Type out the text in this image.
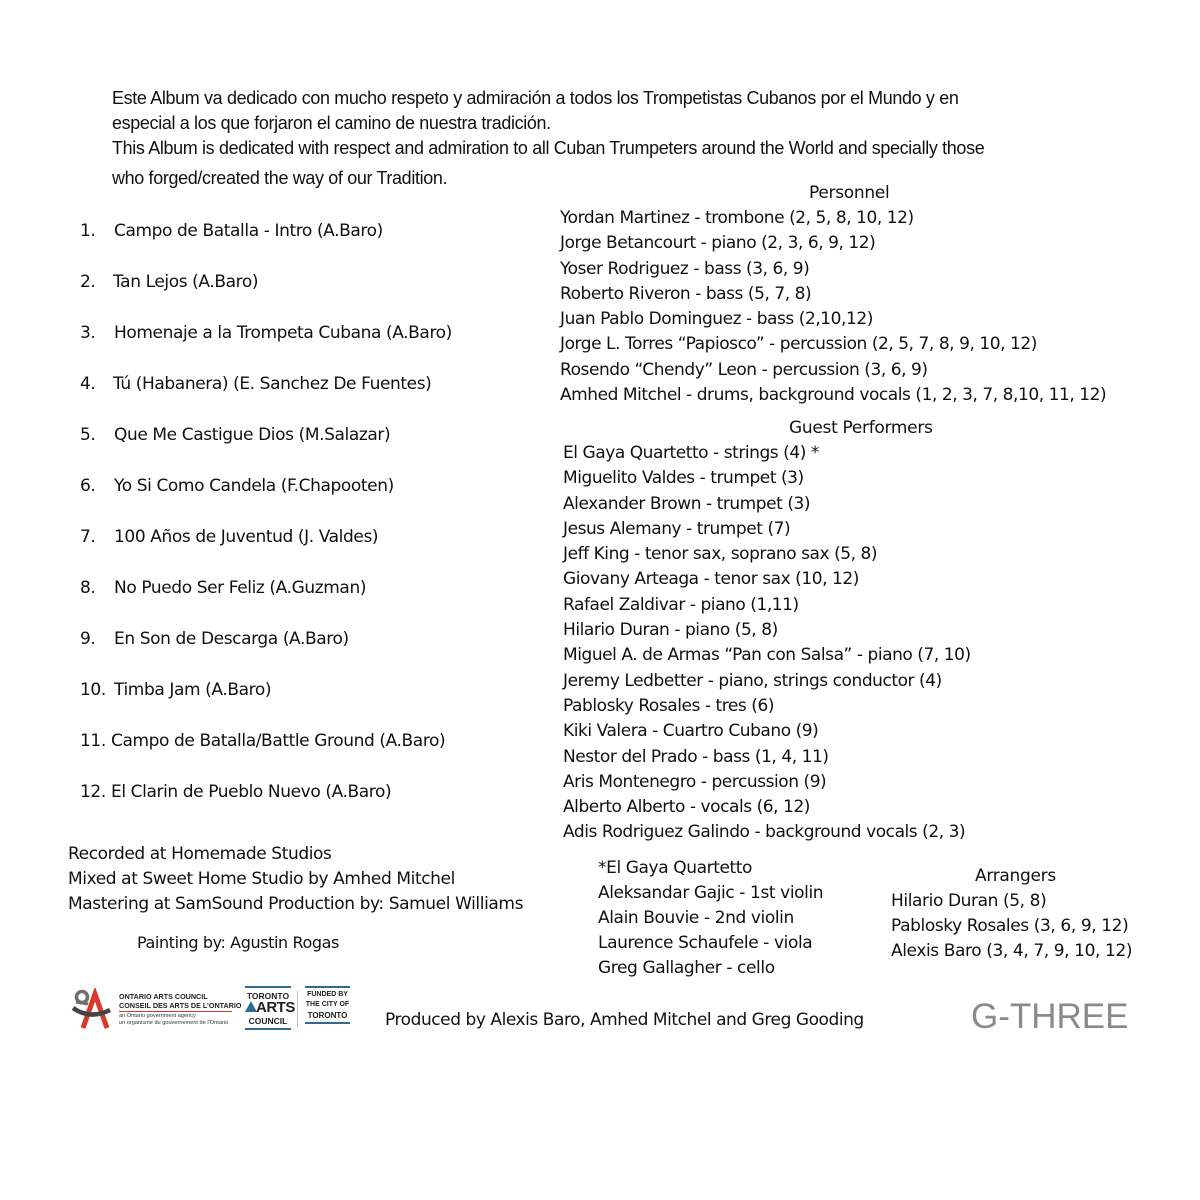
Este Album va dedicado con mucho respeto y admiración a todos los Trompetistas Cubanos por el Mundo y en
especial a los que forjaron el camino de nuestra tradición.
This Album is dedicated with respect and admiration to all Cuban Trumpeters around the World and specially those
who forged/created the way of our Tradition.
1. Campo de Batalla - Intro (A.Baro)
2. Tan Lejos (A.Baro)
3. Homenaje a la Trompeta Cubana (A.Baro)
4. Tú (Habanera) (E. Sanchez De Fuentes)
5. Que Me Castigue Dios (M.Salazar)
6. Yo Si Como Candela (F.Chapooten)
7. 100 Años de Juventud (J. Valdes)
8. No Puedo Ser Feliz (A.Guzman)
9. En Son de Descarga (A.Baro)
10. Timba Jam (A.Baro)
11. Campo de Batalla/Battle Ground (A.Baro)
12. El Clarin de Pueblo Nuevo (A.Baro)
Personnel
Yordan Martinez - trombone (2, 5, 8, 10, 12)
Jorge Betancourt - piano (2, 3, 6, 9, 12)
Yoser Rodriguez - bass (3, 6, 9)
Roberto Riveron - bass (5, 7, 8)
Juan Pablo Dominguez - bass (2,10,12)
Jorge L. Torres “Papiosco” - percussion (2, 5, 7, 8, 9, 10, 12)
Rosendo “Chendy” Leon - percussion (3, 6, 9)
Amhed Mitchel - drums, background vocals (1, 2, 3, 7, 8,10, 11, 12)
Guest Performers
El Gaya Quartetto - strings (4) *
Miguelito Valdes - trumpet (3)
Alexander Brown - trumpet (3)
Jesus Alemany - trumpet (7)
Jeff King - tenor sax, soprano sax (5, 8)
Giovany Arteaga - tenor sax (10, 12)
Rafael Zaldivar - piano (1,11)
Hilario Duran - piano (5, 8)
Miguel A. de Armas “Pan con Salsa” - piano (7, 10)
Jeremy Ledbetter - piano, strings conductor (4)
Pablosky Rosales - tres (6)
Kiki Valera - Cuartro Cubano (9)
Nestor del Prado - bass (1, 4, 11)
Aris Montenegro - percussion (9)
Alberto Alberto - vocals (6, 12)
Adis Rodriguez Galindo - background vocals (2, 3)
Recorded at Homemade Studios
Mixed at Sweet Home Studio by Amhed Mitchel
Mastering at SamSound Production by: Samuel Williams
Painting by: Agustin Rogas
*El Gaya Quartetto
Aleksandar Gajic - 1st violin
Alain Bouvie - 2nd violin
Laurence Schaufele - viola
Greg Gallagher - cello
Arrangers
Hilario Duran (5, 8)
Pablosky Rosales (3, 6, 9, 12)
Alexis Baro (3, 4, 7, 9, 10, 12)
ONTARIO ARTS COUNCIL
CONSEIL DES ARTS DE L’ONTARIO
an Ontario government agency
un organisme du gouvernement de l’Ontario
TORONTO
ARTS
COUNCIL
FUNDED BY
THE CITY OF
TORONTO Produced by Alexis Baro, Amhed Mitchel and Greg Gooding	G-THREE
